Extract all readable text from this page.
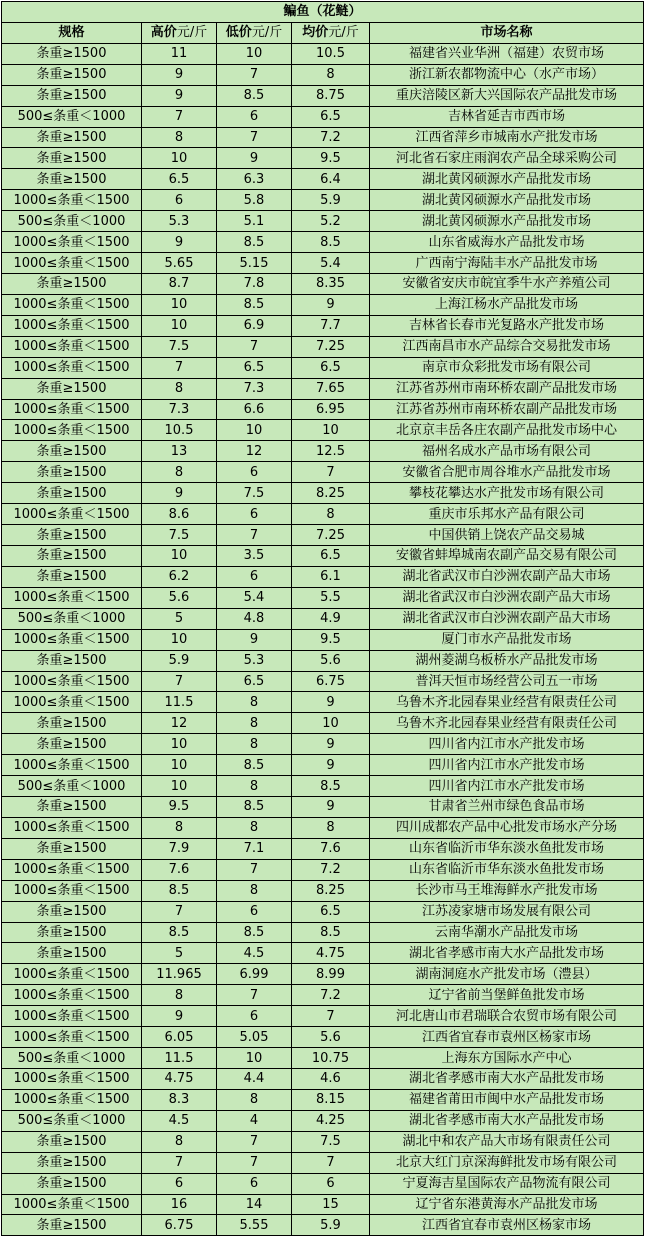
鳊鱼（花鲢）				
规格	高价元/斤	低价元/斤	均价元/斤	市场名称
条重≥1500	11	10	10.5	福建省兴业华洲（福建）农贸市场
条重≥1500	9	7	8	浙江新农都物流中心（水产市场）
条重≥1500	9	8.5	8.75	重庆涪陵区新大兴国际农产品批发市场
500≤条重＜1000	7	6	6.5	吉林省延吉市西市场
条重≥1500	8	7	7.2	江西省萍乡市城南水产批发市场
条重≥1500	10	9	9.5	河北省石家庄雨润农产品全球采购公司
条重≥1500	6.5	6.3	6.4	湖北黄冈硕源水产品批发市场
1000≤条重＜1500	6	5.8	5.9	湖北黄冈硕源水产品批发市场
500≤条重＜1000	5.3	5.1	5.2	湖北黄冈硕源水产品批发市场
1000≤条重＜1500	9	8.5	8.5	山东省威海水产品批发市场
1000≤条重＜1500	5.65	5.15	5.4	广西南宁海陆丰水产品批发市场
条重≥1500	8.7	7.8	8.35	安徽省安庆市皖宜季牛水产养殖公司
1000≤条重＜1500	10	8.5	9	上海江杨水产品批发市场
1000≤条重＜1500	10	6.9	7.7	吉林省长春市光复路水产批发市场
1000≤条重＜1500	7.5	7	7.25	江西南昌市水产品综合交易批发市场
1000≤条重＜1500	7	6.5	6.5	南京市众彩批发市场有限公司
条重≥1500	8	7.3	7.65	江苏省苏州市南环桥农副产品批发市场
1000≤条重＜1500	7.3	6.6	6.95	江苏省苏州市南环桥农副产品批发市场
1000≤条重＜1500	10.5	10	10	北京京丰岳各庄农副产品批发市场中心
条重≥1500	13	12	12.5	福州名成水产品市场有限公司
条重≥1500	8	6	7	安徽省合肥市周谷堆水产品批发市场
条重≥1500	9	7.5	8.25	攀枝花攀达水产批发市场有限公司
1000≤条重＜1500	8.6	6	8	重庆市乐邦水产品有限公司
条重≥1500	7.5	7	7.25	中国供销上饶农产品交易城
条重≥1500	10	3.5	6.5	安徽省蚌埠城南农副产品交易有限公司
条重≥1500	6.2	6	6.1	湖北省武汉市白沙洲农副产品大市场
1000≤条重＜1500	5.6	5.4	5.5	湖北省武汉市白沙洲农副产品大市场
500≤条重＜1000	5	4.8	4.9	湖北省武汉市白沙洲农副产品大市场
1000≤条重＜1500	10	9	9.5	厦门市水产品批发市场
条重≥1500	5.9	5.3	5.6	湖州菱湖乌板桥水产品批发市场
1000≤条重＜1500	7	6.5	6.75	普洱天恒市场经营公司五一市场
1000≤条重＜1500	11.5	8	9	乌鲁木齐北园春果业经营有限责任公司
条重≥1500	12	8	10	乌鲁木齐北园春果业经营有限责任公司
条重≥1500	10	8	9	四川省内江市水产批发市场
1000≤条重＜1500	10	8.5	9	四川省内江市水产批发市场
500≤条重＜1000	10	8	8.5	四川省内江市水产批发市场
条重≥1500	9.5	8.5	9	甘肃省兰州市绿色食品市场
1000≤条重＜1500	8	8	8	四川成都农产品中心批发市场水产分场
条重≥1500	7.9	7.1	7.6	山东省临沂市华东淡水鱼批发市场
1000≤条重＜1500	7.6	7	7.2	山东省临沂市华东淡水鱼批发市场
1000≤条重＜1500	8.5	8	8.25	长沙市马王堆海鲜水产批发市场
条重≥1500	7	6	6.5	江苏凌家塘市场发展有限公司
条重≥1500	8.5	8.5	8.5	云南华潮水产品批发市场
条重≥1500	5	4.5	4.75	湖北省孝感市南大水产品批发市场
1000≤条重＜1500	11.965	6.99	8.99	湖南洞庭水产批发市场（澧县）
1000≤条重＜1500	8	7	7.2	辽宁省前当堡鲜鱼批发市场
1000≤条重＜1500	9	6	7	河北唐山市君瑞联合农贸市场有限公司
1000≤条重＜1500	6.05	5.05	5.6	江西省宜春市袁州区杨家市场
500≤条重＜1000	11.5	10	10.75	上海东方国际水产中心
1000≤条重＜1500	4.75	4.4	4.6	湖北省孝感市南大水产品批发市场
1000≤条重＜1500	8.3	8	8.15	福建省莆田市闽中水产品批发市场
500≤条重＜1000	4.5	4	4.25	湖北省孝感市南大水产品批发市场
条重≥1500	8	7	7.5	湖北中和农产品大市场有限责任公司
条重≥1500	7	7	7	北京大红门京深海鲜批发市场有限公司
条重≥1500	6	6	6	宁夏海吉星国际农产品物流有限公司
1000≤条重＜1500	16	14	15	辽宁省东港黄海水产品批发市场
条重≥1500	6.75	5.55	5.9	江西省宜春市袁州区杨家市场
